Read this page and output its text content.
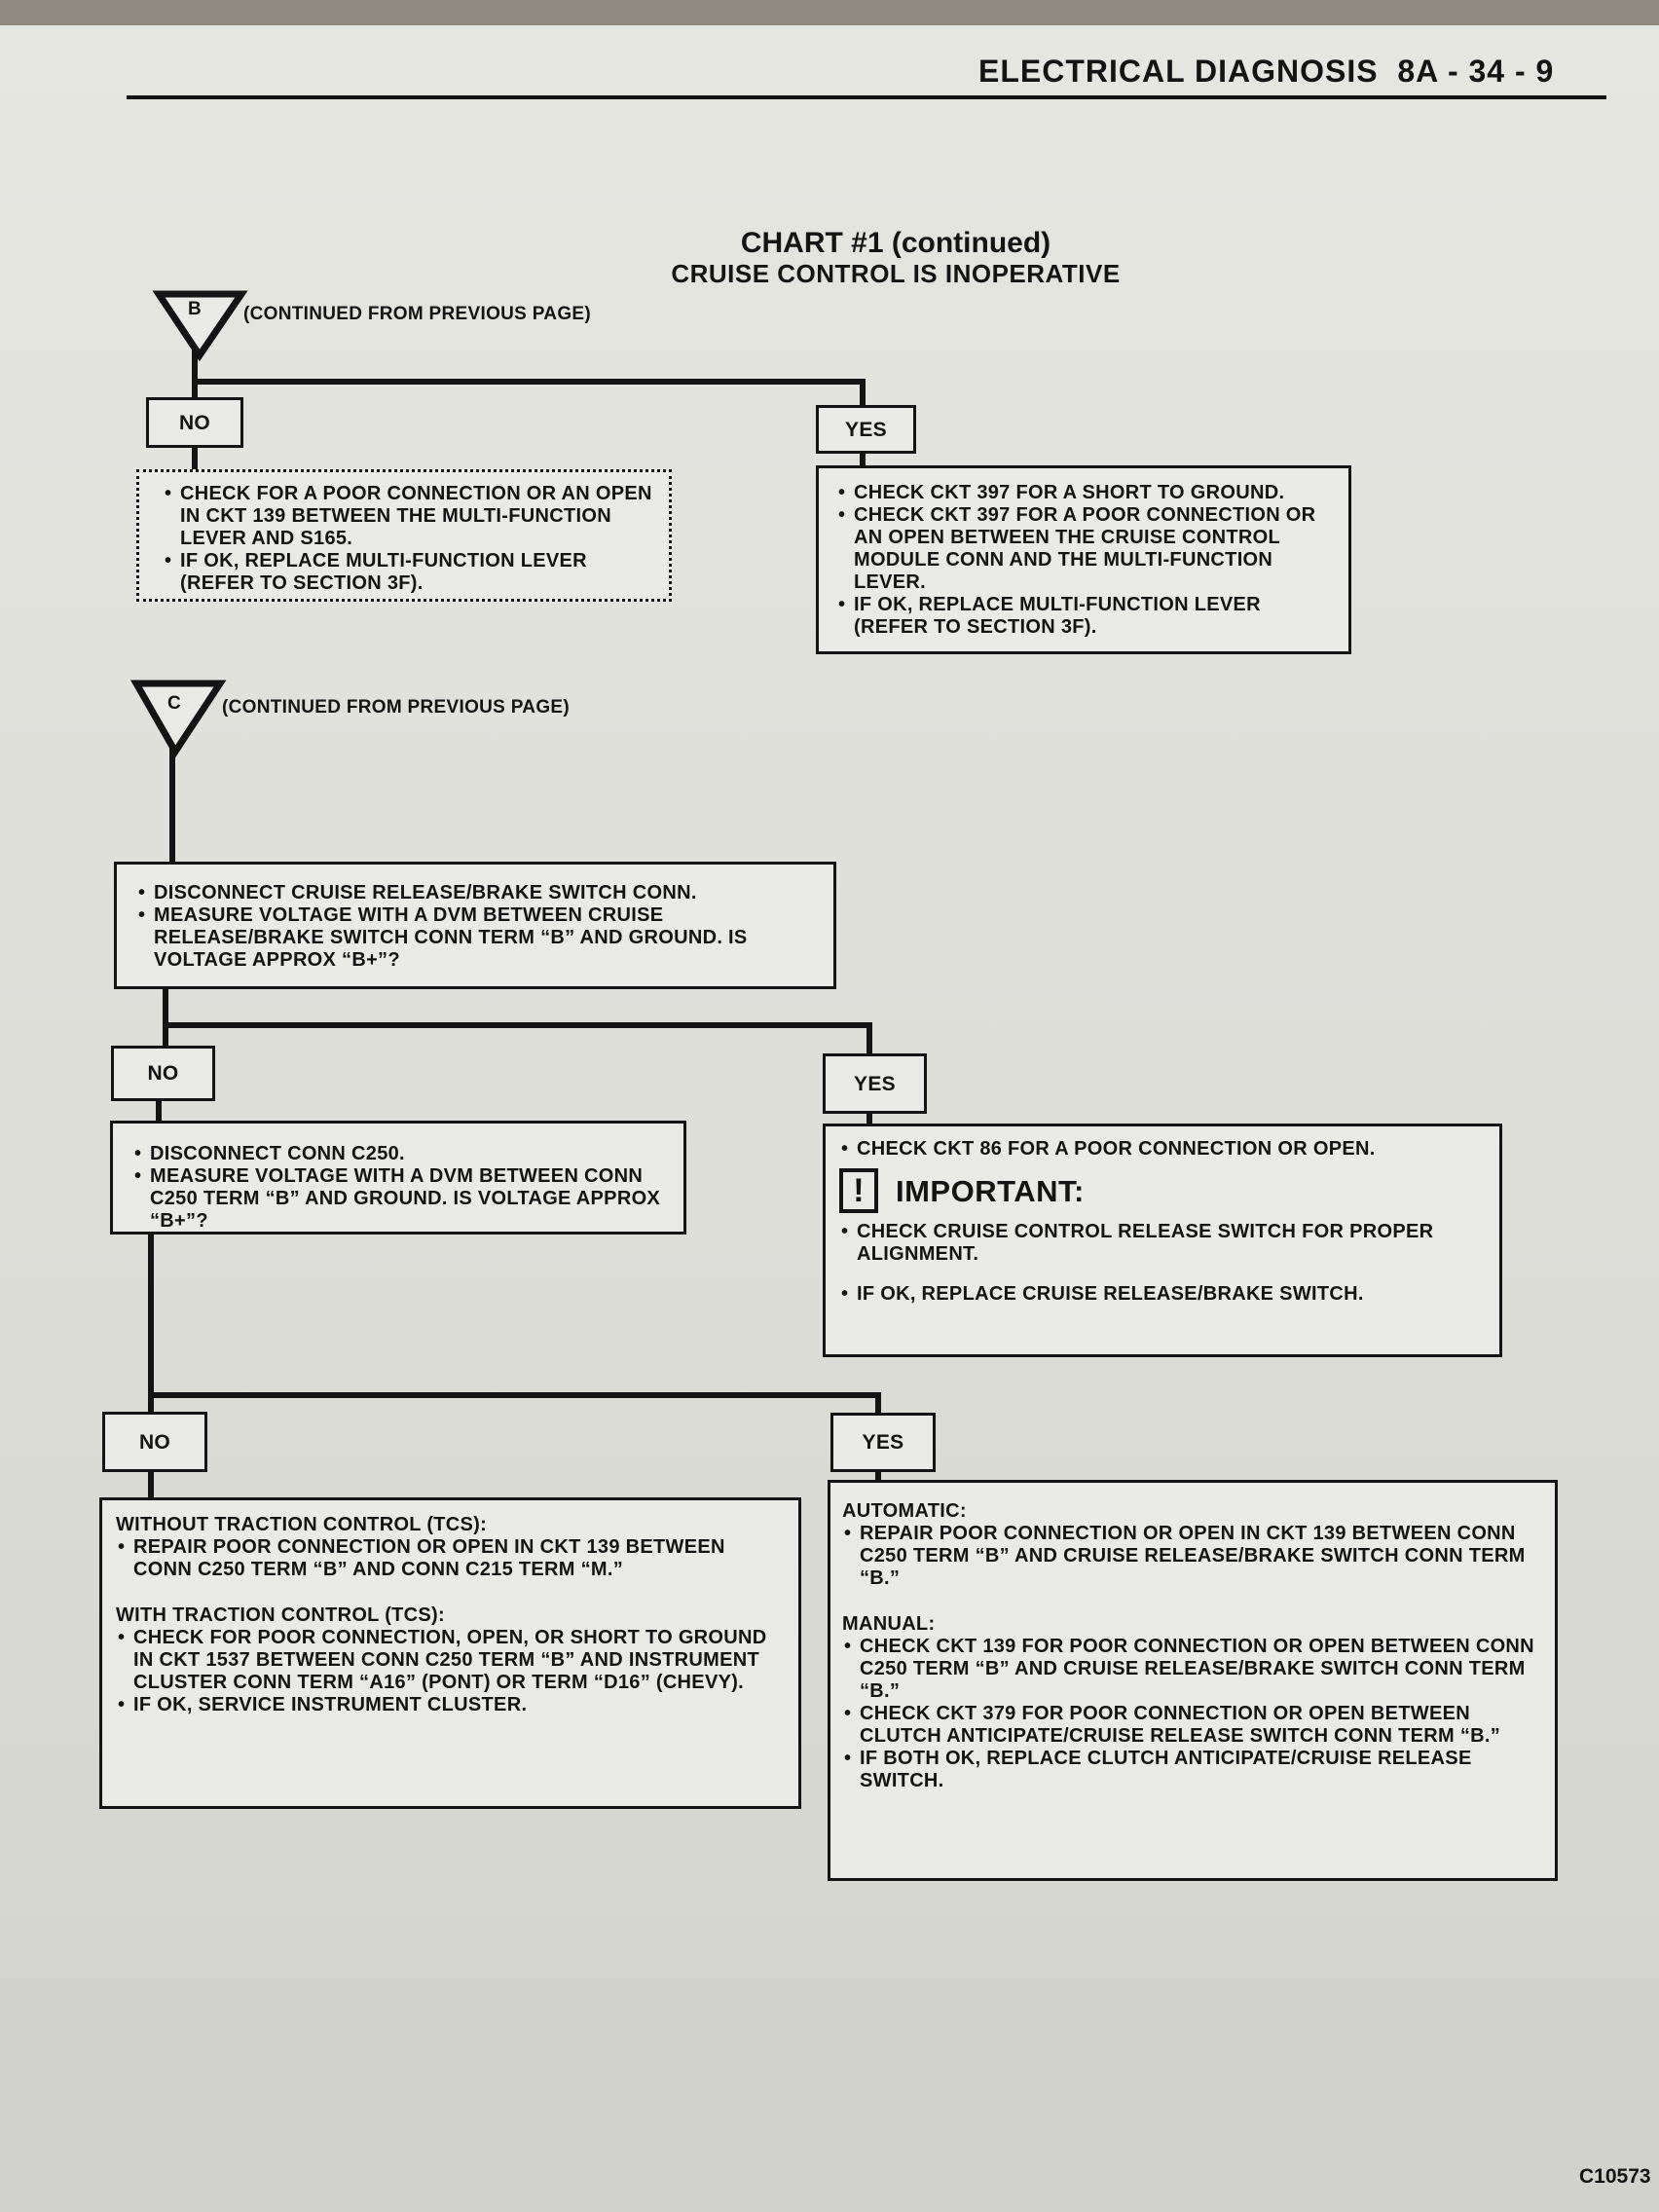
ELECTRICAL DIAGNOSIS 8A - 34 - 9
CHART #1 (continued)
CRUISE CONTROL IS INOPERATIVE
B (CONTINUED FROM PREVIOUS PAGE)
C (CONTINUED FROM PREVIOUS PAGE)
NO	YES
• CHECK FOR A POOR CONNECTION OR AN OPEN IN CKT 139 BETWEEN THE MULTI-FUNCTION LEVER AND S165.
• IF OK, REPLACE MULTI-FUNCTION LEVER (REFER TO SECTION 3F).
• CHECK CKT 397 FOR A SHORT TO GROUND.
• CHECK CKT 397 FOR A POOR CONNECTION OR AN OPEN BETWEEN THE CRUISE CONTROL MODULE CONN AND THE MULTI-FUNCTION LEVER.
• IF OK, REPLACE MULTI-FUNCTION LEVER (REFER TO SECTION 3F).
• DISCONNECT CRUISE RELEASE/BRAKE SWITCH CONN.
• MEASURE VOLTAGE WITH A DVM BETWEEN CRUISE RELEASE/BRAKE SWITCH CONN TERM “B” AND GROUND. IS VOLTAGE APPROX “B+”?
NO	YES
• DISCONNECT CONN C250.
• MEASURE VOLTAGE WITH A DVM BETWEEN CONN C250 TERM “B” AND GROUND. IS VOLTAGE APPROX “B+”?
• CHECK CKT 86 FOR A POOR CONNECTION OR OPEN.
!	IMPORTANT:
• CHECK CRUISE CONTROL RELEASE SWITCH FOR PROPER ALIGNMENT.
• IF OK, REPLACE CRUISE RELEASE/BRAKE SWITCH.
NO	YES
WITHOUT TRACTION CONTROL (TCS):
• REPAIR POOR CONNECTION OR OPEN IN CKT 139 BETWEEN CONN C250 TERM “B” AND CONN C215 TERM “M.”
WITH TRACTION CONTROL (TCS):
• CHECK FOR POOR CONNECTION, OPEN, OR SHORT TO GROUND IN CKT 1537 BETWEEN CONN C250 TERM “B” AND INSTRUMENT CLUSTER CONN TERM “A16” (PONT) OR TERM “D16” (CHEVY).
• IF OK, SERVICE INSTRUMENT CLUSTER.
AUTOMATIC:
• REPAIR POOR CONNECTION OR OPEN IN CKT 139 BETWEEN CONN C250 TERM “B” AND CRUISE RELEASE/BRAKE SWITCH CONN TERM “B.”
MANUAL:
• CHECK CKT 139 FOR POOR CONNECTION OR OPEN BETWEEN CONN C250 TERM “B” AND CRUISE RELEASE/BRAKE SWITCH CONN TERM “B.”
• CHECK CKT 379 FOR POOR CONNECTION OR OPEN BETWEEN CLUTCH ANTICIPATE/CRUISE RELEASE SWITCH CONN TERM “B.”
• IF BOTH OK, REPLACE CLUTCH ANTICIPATE/CRUISE RELEASE SWITCH.
C10573
